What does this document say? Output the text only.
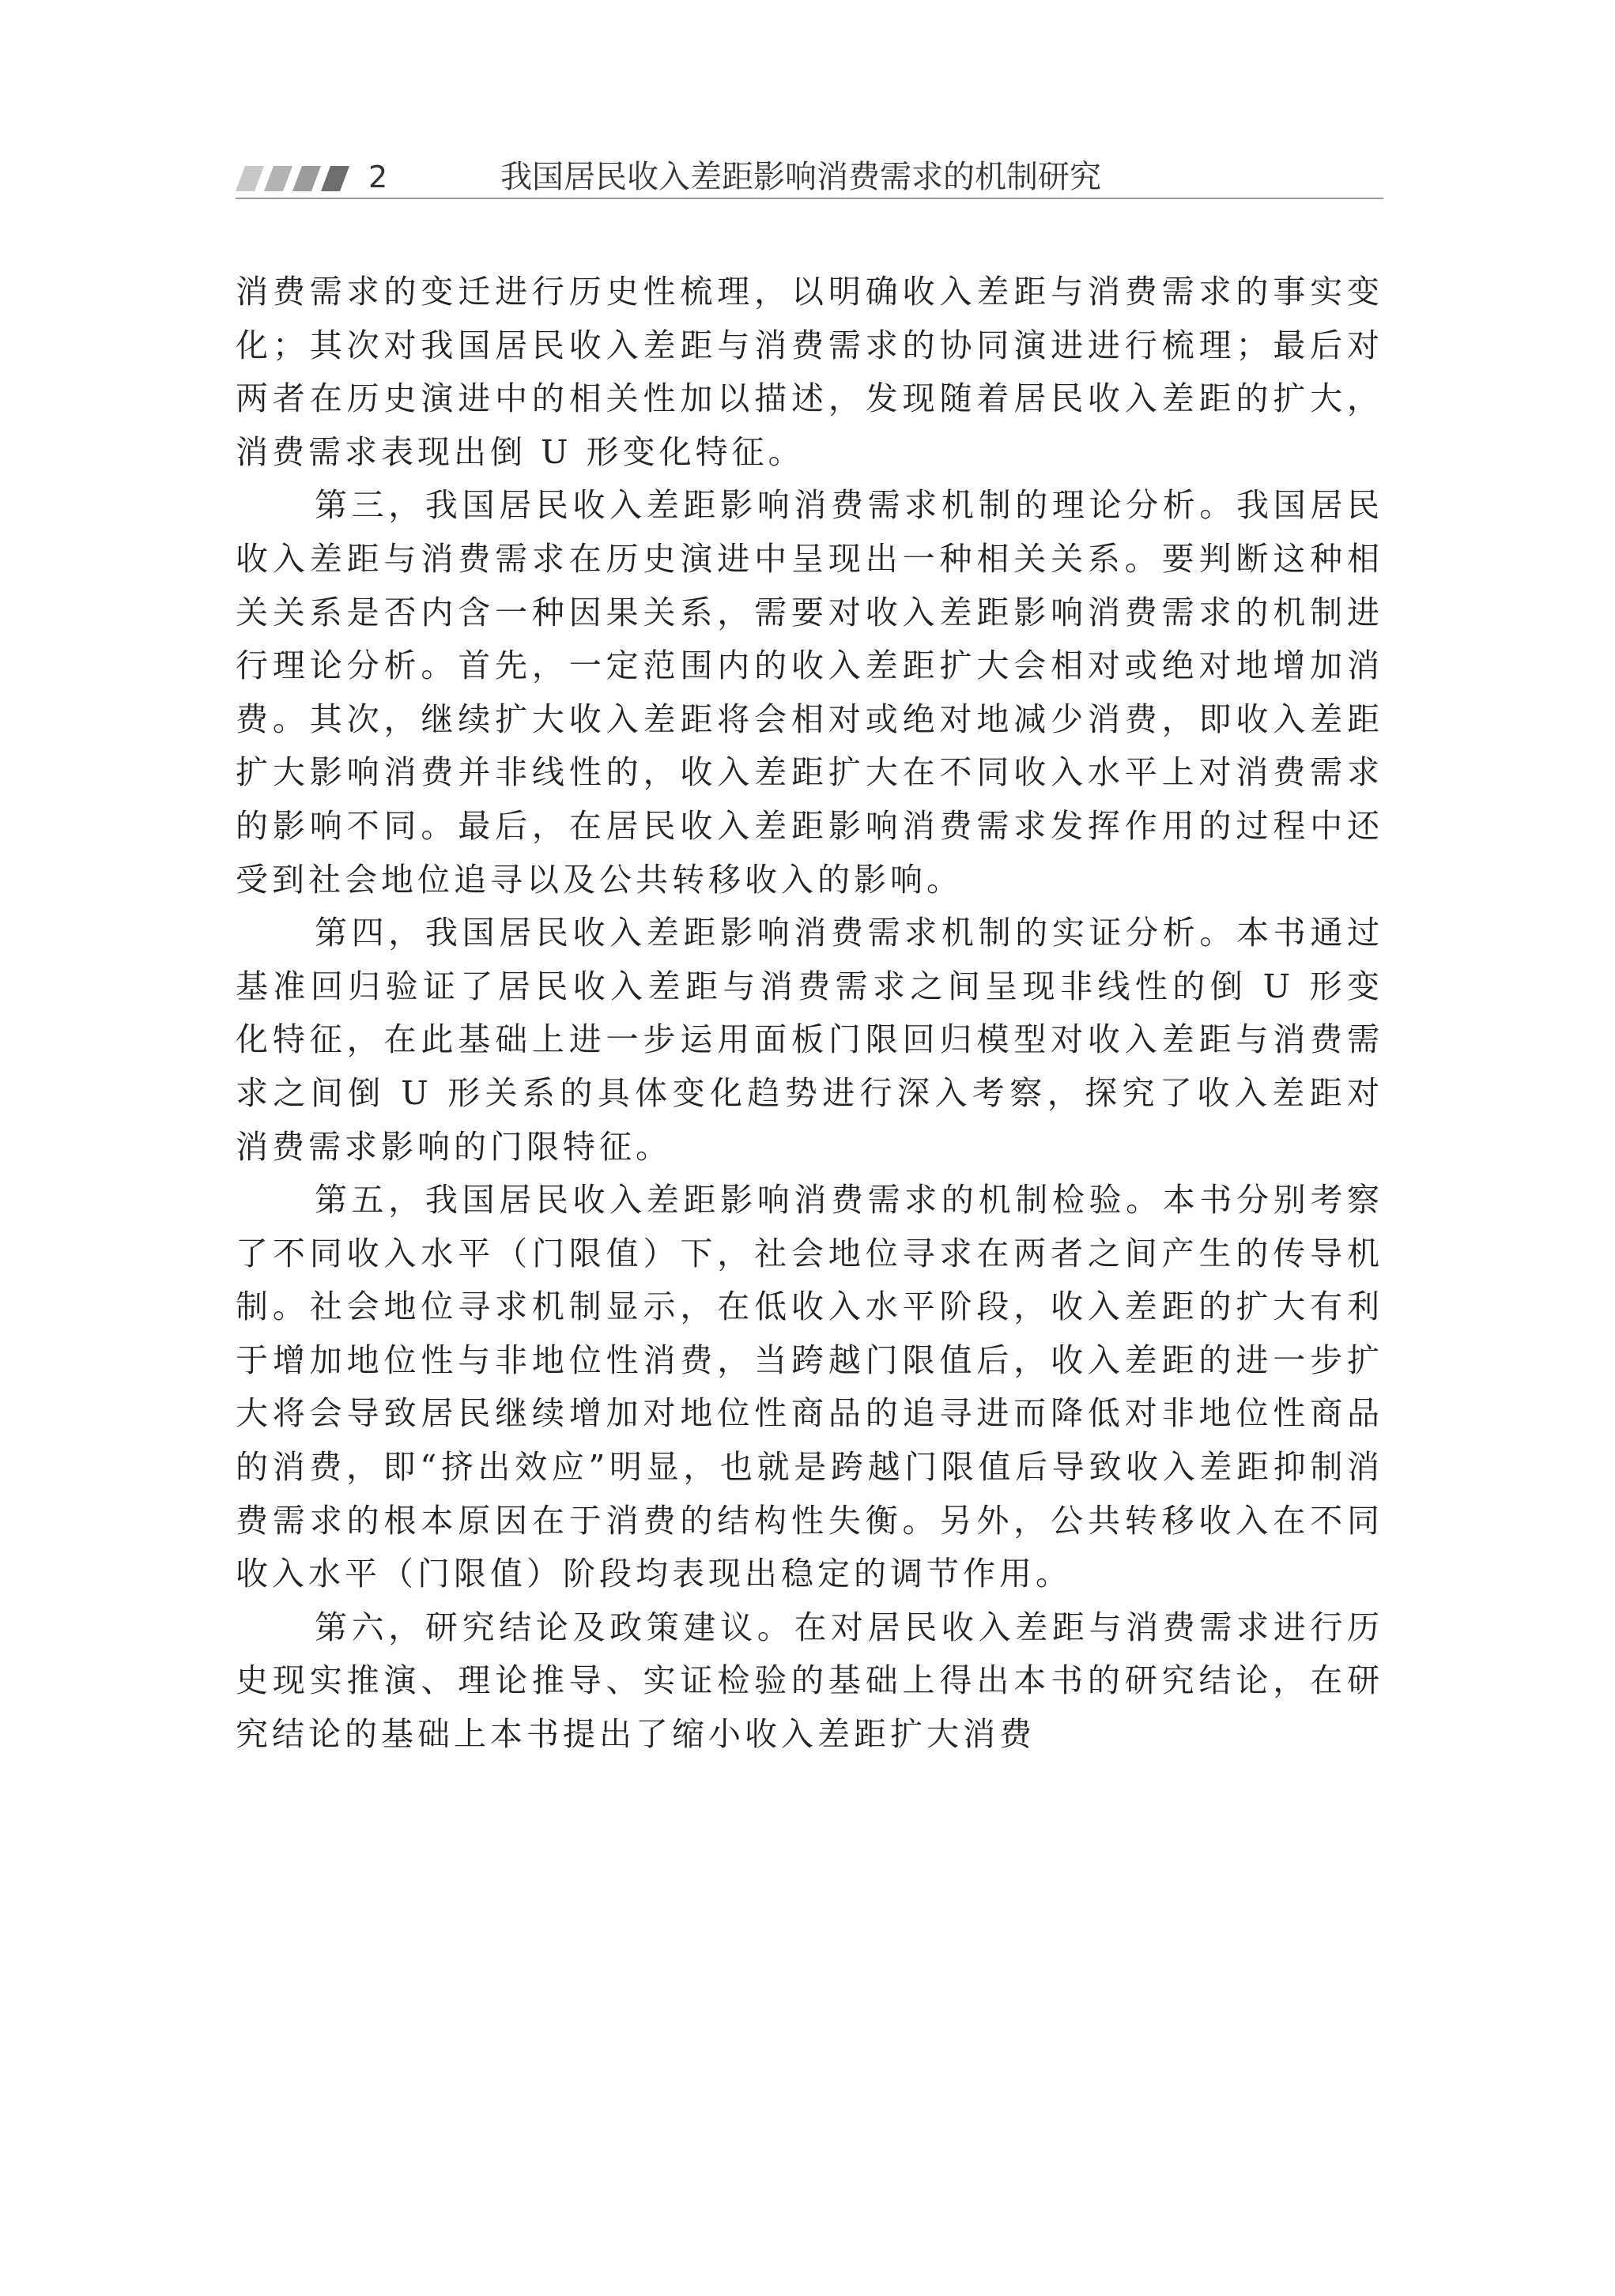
2	我国居民收入差距影响消费需求的机制研究

消费需求的变迁进行历史性梳理，以明确收入差距与消费需求的事实变化；其次对我国居民收入差距与消费需求的协同演进进行梳理；最后对两者在历史演进中的相关性加以描述，发现随着居民收入差距的扩大，消费需求表现出倒 U 形变化特征。

第三，我国居民收入差距影响消费需求机制的理论分析。我国居民收入差距与消费需求在历史演进中呈现出一种相关关系。要判断这种相关关系是否内含一种因果关系，需要对收入差距影响消费需求的机制进行理论分析。首先，一定范围内的收入差距扩大会相对或绝对地增加消费。其次，继续扩大收入差距将会相对或绝对地减少消费，即收入差距扩大影响消费并非线性的，收入差距扩大在不同收入水平上对消费需求的影响不同。最后，在居民收入差距影响消费需求发挥作用的过程中还受到社会地位追寻以及公共转移收入的影响。

第四，我国居民收入差距影响消费需求机制的实证分析。本书通过基准回归验证了居民收入差距与消费需求之间呈现非线性的倒 U 形变化特征，在此基础上进一步运用面板门限回归模型对收入差距与消费需求之间倒 U 形关系的具体变化趋势进行深入考察，探究了收入差距对消费需求影响的门限特征。

第五，我国居民收入差距影响消费需求的机制检验。本书分别考察了不同收入水平（门限值）下，社会地位寻求在两者之间产生的传导机制。社会地位寻求机制显示，在低收入水平阶段，收入差距的扩大有利于增加地位性与非地位性消费，当跨越门限值后，收入差距的进一步扩大将会导致居民继续增加对地位性商品的追寻进而降低对非地位性商品的消费，即“挤出效应”明显，也就是跨越门限值后导致收入差距抑制消费需求的根本原因在于消费的结构性失衡。另外，公共转移收入在不同收入水平（门限值）阶段均表现出稳定的调节作用。

第六，研究结论及政策建议。在对居民收入差距与消费需求进行历史现实推演、理论推导、实证检验的基础上得出本书的研究结论，在研究结论的基础上本书提出了缩小收入差距扩大消费
